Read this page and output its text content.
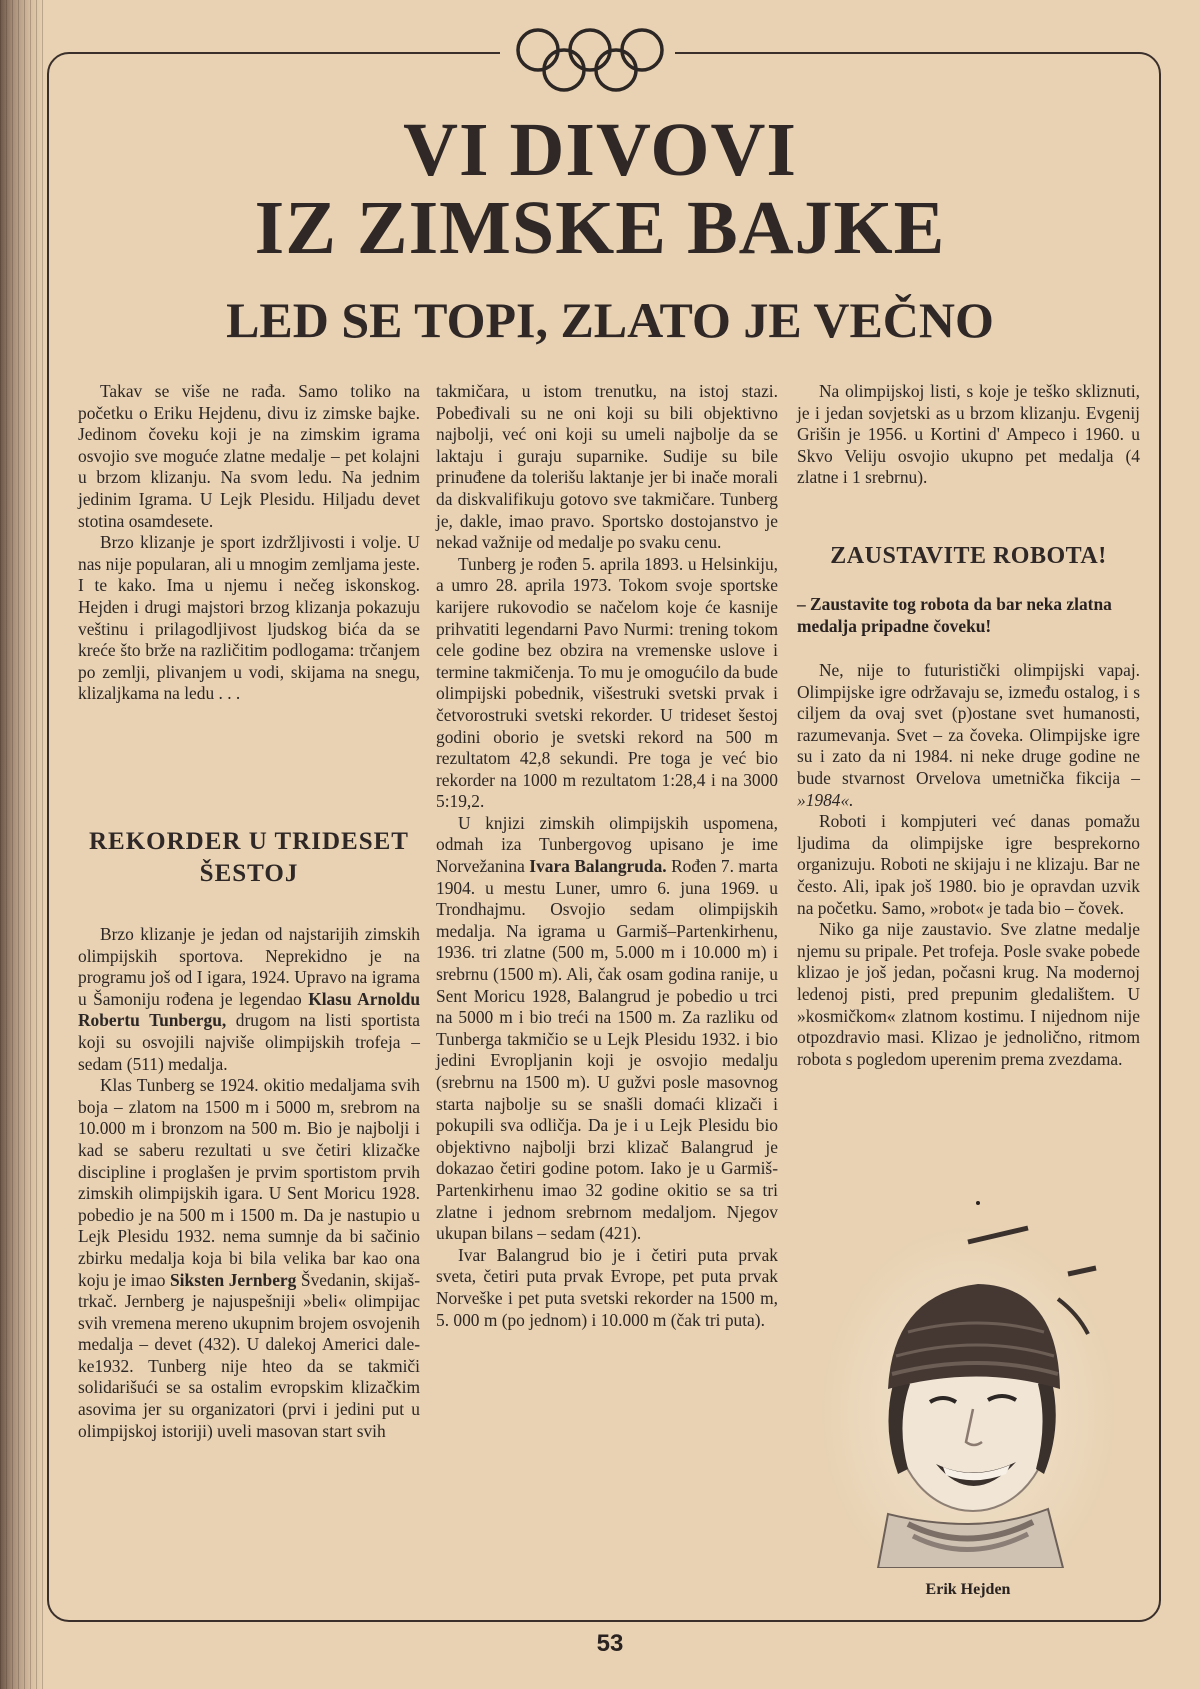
VI DIVOVI
IZ ZIMSKE BAJKE
LED SE TOPI, ZLATO JE VEČNO

Takav se više ne rađa. Samo toliko na početku o Eriku Hejdenu, divu iz zimske bajke. Jedinom čoveku koji je na zimskim igrama osvojio sve moguće zlatne medalje – pet kolajni u brzom klizanju. Na svom ledu. Na jednim jedinim Igrama. U Lejk Plesidu. Hiljadu devet stotina osamdesete.

Brzo klizanje je sport izdržljivosti i volje. U nas nije popularan, ali u mnogim zemljama jeste. I te kako. Ima u njemu i nečeg iskonskog. Hejden i drugi majstori brzog klizanja pokazuju veštinu i prilagodljivost ljudskog bića da se kreće što brže na različitim podlogama: trčanjem po zemlji, plivanjem u vodi, skijama na snegu, klizaljkama na ledu . . .

REKORDER U TRIDESET ŠESTOJ

Brzo klizanje je jedan od najstarijih zimskih olimpijskih sportova. Neprekidno je na programu još od I igara, 1924. Upravo na igrama u Šamoniju rođena je legendao Klasu Arnoldu Robertu Tunbergu, drugom na listi sportista koji su osvojili najviše olimpijskih trofeja – sedam (511) medalja.

Klas Tunberg se 1924. okitio medaljama svih boja – zlatom na 1500 m i 5000 m, srebrom na 10.000 m i bronzom na 500 m. Bio je najbolji i kad se saberu rezultati u sve četiri klizačke discipline i proglašen je prvim sportistom prvih zimskih olimpijskih igara. U Sent Moricu 1928. pobedio je na 500 m i 1500 m. Da je nastupio u Lejk Plesidu 1932. nema sumnje da bi sačinio zbirku medalja koja bi bila velika bar kao ona koju je imao Siksten Jernberg Švedanin, skijaš-trkač. Jernberg je najuspešniji »beli« olimpijac svih vremena mereno ukupnim brojem osvojenih medalja – devet (432). U dalekoj Americi dale-ke1932. Tunberg nije hteo da se takmiči solidarišući se sa ostalim evropskim klizačkim asovima jer su organizatori (prvi i jedini put u olimpijskoj istoriji) uveli masovan start svih

takmičara, u istom trenutku, na istoj stazi. Pobeđivali su ne oni koji su bili objektivno najbolji, već oni koji su umeli najbolje da se laktaju i guraju suparnike. Sudije su bile prinuđene da tolerišu laktanje jer bi inače morali da diskvalifikuju gotovo sve takmičare. Tunberg je, dakle, imao pravo. Sportsko dostojanstvo je nekad važnije od medalje po svaku cenu.

Tunberg je rođen 5. aprila 1893. u Helsinkiju, a umro 28. aprila 1973. Tokom svoje sportske karijere rukovodio se načelom koje će kasnije prihvatiti legendarni Pavo Nurmi: trening tokom cele godine bez obzira na vremenske uslove i termine takmičenja. To mu je omogućilo da bude olimpijski pobednik, višestruki svetski prvak i četvorostruki svetski rekorder. U trideset šestoj godini oborio je svetski rekord na 500 m rezultatom 42,8 sekundi. Pre toga je već bio rekorder na 1000 m rezultatom 1:28,4 i na 3000 5:19,2.

U knjizi zimskih olimpijskih uspomena, odmah iza Tunbergovog upisano je ime Norvežanina Ivara Balangruda. Rođen 7. marta 1904. u mestu Luner, umro 6. juna 1969. u Trondhajmu. Osvojio sedam olimpijskih medalja. Na igrama u Garmiš–Partenkirhenu, 1936. tri zlatne (500 m, 5.000 m i 10.000 m) i srebrnu (1500 m). Ali, čak osam godina ranije, u Sent Moricu 1928, Balangrud je pobedio u trci na 5000 m i bio treći na 1500 m. Za razliku od Tunberga takmičio se u Lejk Plesidu 1932. i bio jedini Evropljanin koji je osvojio medalju (srebrnu na 1500 m). U gužvi posle masovnog starta najbolje su se snašli domaći klizači i pokupili sva odličja. Da je i u Lejk Plesidu bio objektivno najbolji brzi klizač Balangrud je dokazao četiri godine potom. Iako je u Garmiš-Partenkirhenu imao 32 godine okitio se sa tri zlatne i jednom srebrnom medaljom. Njegov ukupan bilans – sedam (421).

Ivar Balangrud bio je i četiri puta prvak sveta, četiri puta prvak Evrope, pet puta prvak Norveške i pet puta svetski rekorder na 1500 m, 5. 000 m (po jednom) i 10.000 m (čak tri puta).

Na olimpijskoj listi, s koje je teško skliznuti, je i jedan sovjetski as u brzom klizanju. Evgenij Grišin je 1956. u Kortini d' Ampeco i 1960. u Skvo Veliju osvojio ukupno pet medalja (4 zlatne i 1 srebrnu).

ZAUSTAVITE ROBOTA!
– Zaustavite tog robota da bar neka zlatna medalja pripadne čoveku!

Ne, nije to futuristički olimpijski vapaj. Olimpijske igre održavaju se, između ostalog, i s ciljem da ovaj svet (p)ostane svet humanosti, razumevanja. Svet – za čoveka. Olimpijske igre su i zato da ni 1984. ni neke druge godine ne bude stvarnost Orvelova umetnička fikcija – »1984«.

Roboti i kompjuteri već danas pomažu ljudima da olimpijske igre besprekorno organizuju. Roboti ne skijaju i ne klizaju. Bar ne često. Ali, ipak još 1980. bio je opravdan uzvik na početku. Samo, »robot« je tada bio – čovek.

Niko ga nije zaustavio. Sve zlatne medalje njemu su pripale. Pet trofeja. Posle svake pobede klizao je još jedan, počasni krug. Na modernoj ledenoj pisti, pred prepunim gledalištem. U »kosmičkom« zlatnom kostimu. I nijednom nije otpozdravio masi. Klizao je jednolično, ritmom robota s pogledom uperenim prema zvezdama.

Erik Hejden
53
